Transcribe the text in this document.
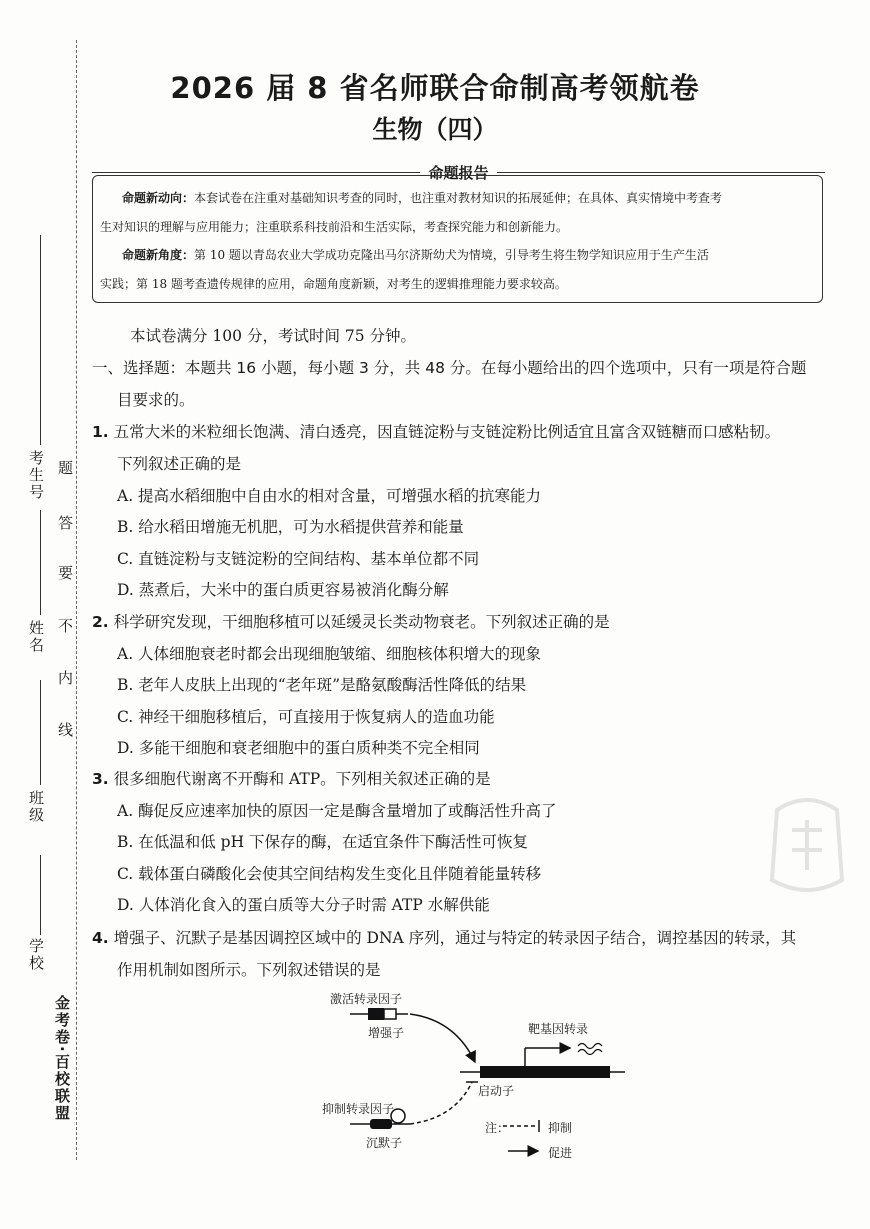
金考卷·百校联盟
学校
班级
姓名
考生号 题
答
要
不
内
线
2026 届 8 省名师联合命制高考领航卷
生物（四）
命题报告
命题新动向：本套试卷在注重对基础知识考查的同时，也注重对教材知识的拓展延伸；在具体、真实情境中考查考
生对知识的理解与应用能力；注重联系科技前沿和生活实际，考查探究能力和创新能力。
命题新角度：第 10 题以青岛农业大学成功克隆出马尔济斯幼犬为情境，引导考生将生物学知识应用于生产生活
实践；第 18 题考查遗传规律的应用，命题角度新颖，对考生的逻辑推理能力要求较高。
本试卷满分 100 分，考试时间 75 分钟。
一、选择题：本题共 16 小题，每小题 3 分，共 48 分。在每小题给出的四个选项中，只有一项是符合题
目要求的。
1. 五常大米的米粒细长饱满、清白透亮，因直链淀粉与支链淀粉比例适宜且富含双链糖而口感粘韧。
下列叙述正确的是
A. 提高水稻细胞中自由水的相对含量，可增强水稻的抗寒能力
B. 给水稻田增施无机肥，可为水稻提供营养和能量
C. 直链淀粉与支链淀粉的空间结构、基本单位都不同
D. 蒸煮后，大米中的蛋白质更容易被消化酶分解
2. 科学研究发现，干细胞移植可以延缓灵长类动物衰老。下列叙述正确的是
A. 人体细胞衰老时都会出现细胞皱缩、细胞核体积增大的现象
B. 老年人皮肤上出现的“老年斑”是酪氨酸酶活性降低的结果
C. 神经干细胞移植后，可直接用于恢复病人的造血功能
D. 多能干细胞和衰老细胞中的蛋白质种类不完全相同
3. 很多细胞代谢离不开酶和 ATP。下列相关叙述正确的是
A. 酶促反应速率加快的原因一定是酶含量增加了或酶活性升高了
B. 在低温和低 pH 下保存的酶，在适宜条件下酶活性可恢复
C. 载体蛋白磷酸化会使其空间结构发生变化且伴随着能量转移
D. 人体消化食入的蛋白质等大分子时需 ATP 水解供能
4. 增强子、沉默子是基因调控区域中的 DNA 序列，通过与特定的转录因子结合，调控基因的转录，其
作用机制如图所示。下列叙述错误的是
激活转录因子
增强子	靶基因转录
启动子
抑制转录因子
沉默子
注：	抑制
促进
